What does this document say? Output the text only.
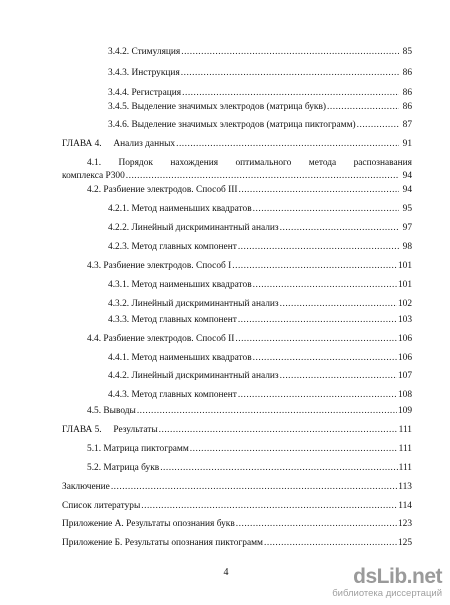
3.4.2. Стимуляция .....	85
3.4.3. Инструкция .....	86
3.4.4. Регистрация .....	86
3.4.5. Выделение значимых электродов (матрица букв) .....	86
3.4.6. Выделение значимых электродов (матрица пиктограмм) .....	87
ГЛАВА 4.     Анализ данных .....	91
4.1.  Порядок  нахождения  оптимального  метода  распознавания
комплекса Р300 .....	94
4.2. Разбиение электродов. Способ III .....	94
4.2.1. Метод наименьших квадратов .....	95
4.2.2. Линейный дискриминантный анализ .....	97
4.2.3. Метод главных компонент .....	98
4.3. Разбиение электродов. Способ I .....	101
4.3.1. Метод наименьших квадратов .....	101
4.3.2. Линейный дискриминантный анализ .....	102
4.3.3. Метод главных компонент .....	103
4.4. Разбиение электродов. Способ II .....	106
4.4.1. Метод наименьших квадратов .....	106
4.4.2. Линейный дискриминантный анализ .....	107
4.4.3. Метод главных компонент .....	108
4.5. Выводы .....	109
ГЛАВА 5.     Результаты .....	111
5.1. Матрица пиктограмм .....	111
5.2. Матрица букв .....	111
Заключение .....	113
Список литературы .....	114
Приложение А. Результаты опознания букв .....	123
Приложение Б. Результаты опознания пиктограмм .....	125
4	dsLib.net
библиотека диссертаций
